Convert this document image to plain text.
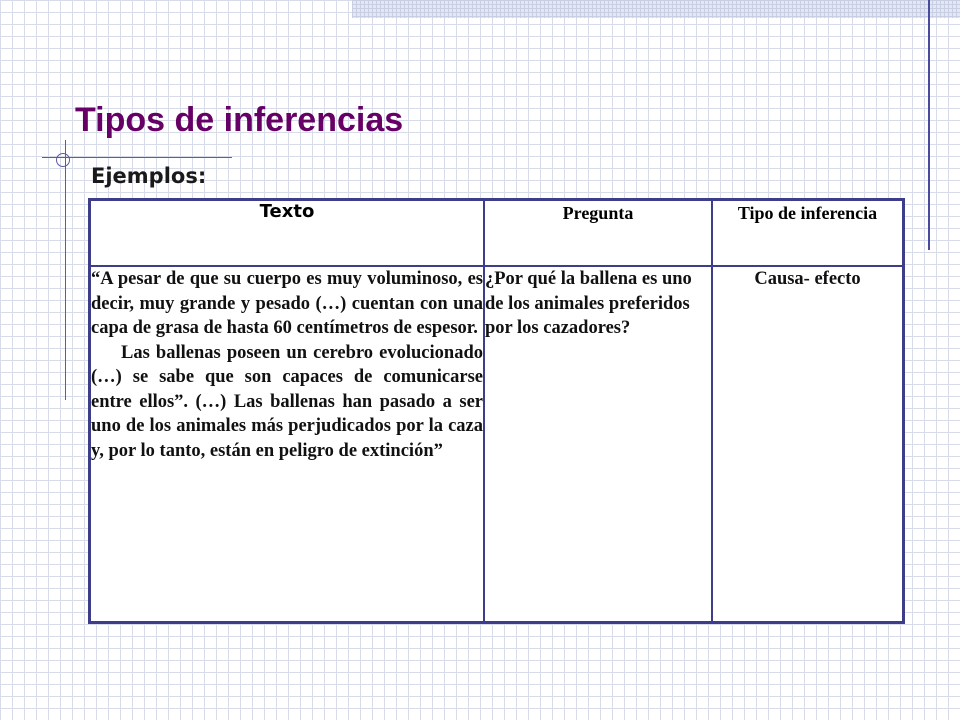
Tipos de inferencias
Ejemplos:
Texto	Pregunta	Tipo de inferencia

“A pesar de que su cuerpo es muy voluminoso, es decir, muy grande y pesado (…) cuentan con una capa de grasa de hasta 60 centímetros de espesor.

Las ballenas poseen un cerebro evolucionado (…) se sabe que son capaces de comunicarse entre ellos”. (…) Las ballenas han pasado a ser uno de los animales más perjudicados por la caza y, por lo tanto, están en peligro de extinción”	¿Por qué la ballena es uno de los animales preferidos por los cazadores?	Causa- efecto
